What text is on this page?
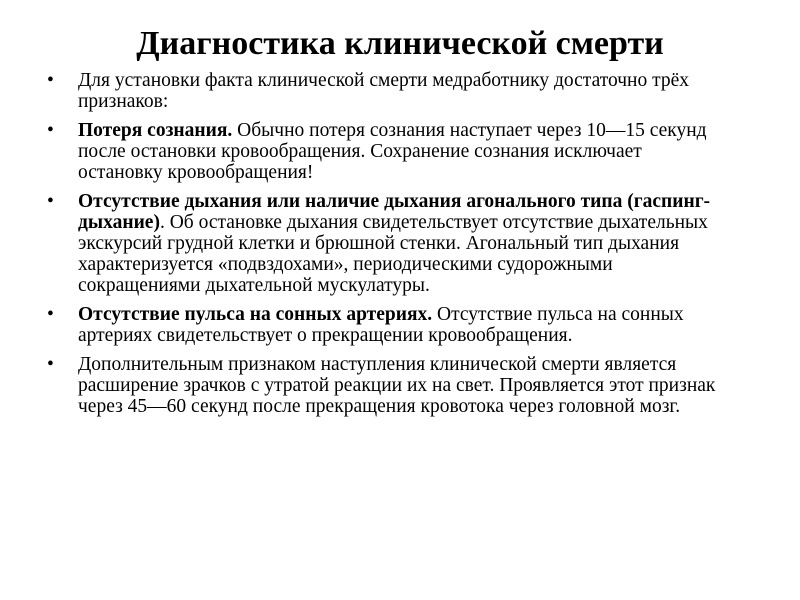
Диагностика клинической смерти
•	Для установки факта клинической смерти медработнику достаточно трёх признаков:
•	Потеря сознания. Обычно потеря сознания наступает через 10—15 секунд после остановки кровообращения. Сохранение сознания исключает остановку кровообращения!
•	Отсутствие дыхания или наличие дыхания агонального типа (гаспинг-дыхание). Об остановке дыхания свидетельствует отсутствие дыхательных экскурсий грудной клетки и брюшной стенки. Агональный тип дыхания характеризуется «подвздохами», периодическими судорожными сокращениями дыхательной мускулатуры.
•	Отсутствие пульса на сонных артериях. Отсутствие пульса на сонных артериях свидетельствует о прекращении кровообращения.
•	Дополнительным признаком наступления клинической смерти является расширение зрачков с утратой реакции их на свет. Проявляется этот признак через 45—60 секунд после прекращения кровотока через головной мозг.
